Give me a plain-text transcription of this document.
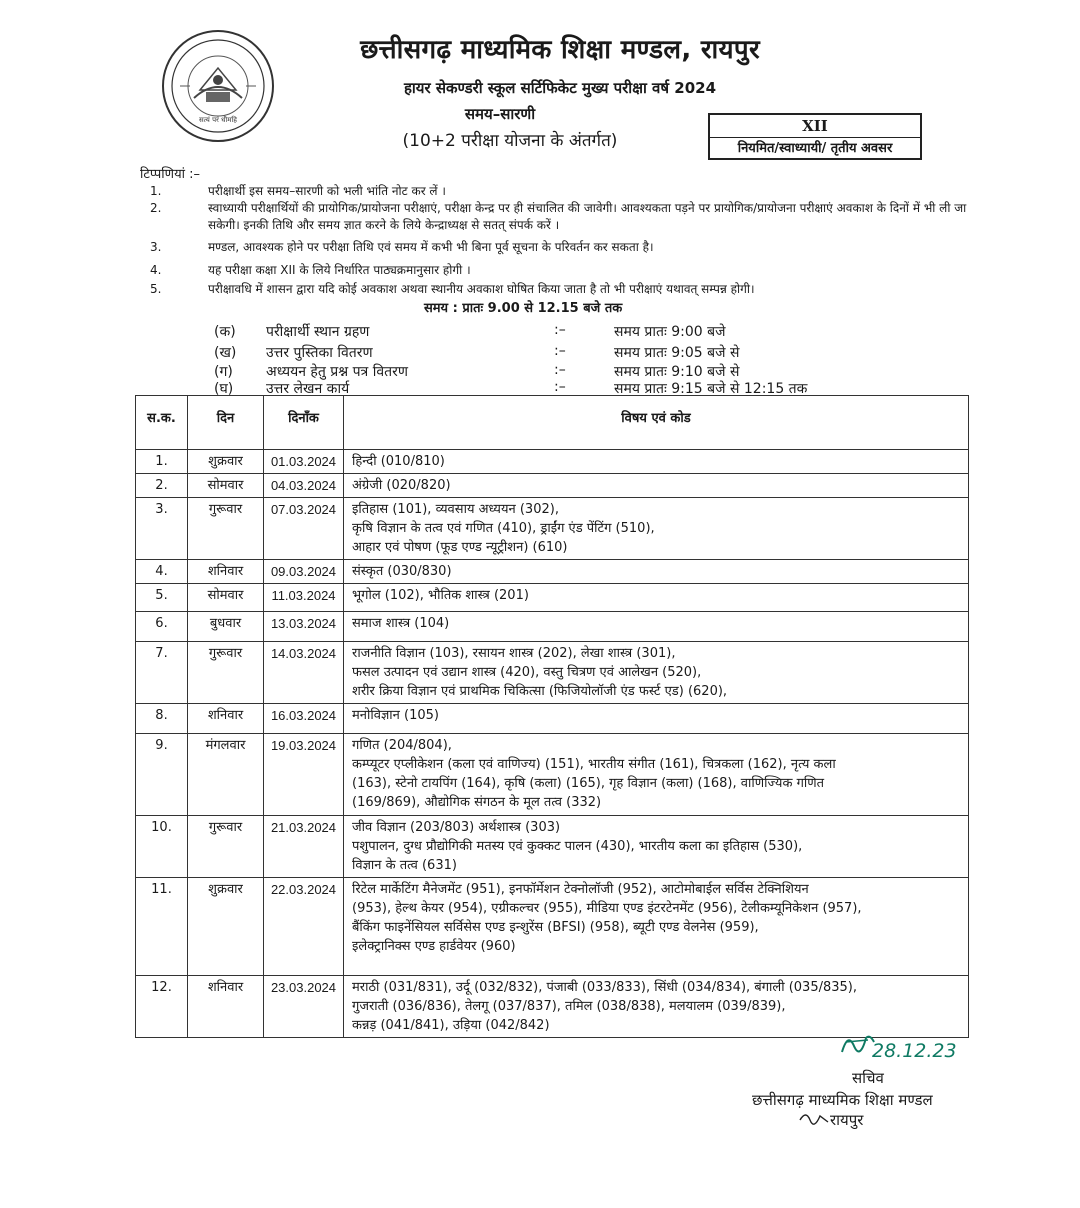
सत्यं परं धीमहि
छत्तीसगढ़ माध्यमिक शिक्षा मण्डल, रायपुर
हायर सेकण्डरी स्कूल सर्टिफिकेट मुख्य परीक्षा वर्ष 2024
समय–सारणी
(10+2 परीक्षा योजना के अंतर्गत)
XII
नियमित/स्वाध्यायी/ तृतीय अवसर
टिप्पणियां :–
1.	परीक्षार्थी इस समय–सारणी को भली भांति नोट कर लें ।
2.	स्वाध्यायी परीक्षार्थियों की प्रायोगिक/प्रायोजना परीक्षाएं, परीक्षा केन्द्र पर ही संचालित की जावेगी। आवश्यकता पड़ने पर प्रायोगिक/प्रायोजना परीक्षाएं अवकाश के दिनों में भी ली जा सकेगी। इनकी तिथि और समय ज्ञात करने के लिये केन्द्राध्यक्ष से सतत् संपर्क करें ।
3.	मण्डल, आवश्यक होने पर परीक्षा तिथि एवं समय में कभी भी बिना पूर्व सूचना के परिवर्तन कर सकता है।
4.	यह परीक्षा कक्षा XII के लिये निर्धारित पाठ्यक्रमानुसार होगी ।
5.	परीक्षावधि में शासन द्वारा यदि कोई अवकाश अथवा स्थानीय अवकाश घोषित किया जाता है तो भी परीक्षाएं यथावत् सम्पन्न होगी।
समय : प्रातः 9.00 से 12.15 बजे तक
(क) परीक्षार्थी स्थान ग्रहण	:–	समय प्रातः 9:00 बजे
(ख) उत्तर पुस्तिका वितरण	:–	समय प्रातः 9:05 बजे से
(ग) अध्ययन हेतु प्रश्न पत्र वितरण	:–	समय प्रातः 9:10 बजे से
(घ) उत्तर लेखन कार्य	:–	समय प्रातः 9:15 बजे से 12:15 तक
स.क.	दिन	दिनाँक	विषय एवं कोड
1.	शुक्रवार	01.03.2024	हिन्दी (010/810)

2.	सोमवार	04.03.2024	अंग्रेजी (020/820)

3.	गुरूवार	07.03.2024	इतिहास (101), व्यवसाय अध्ययन (302),
कृषि विज्ञान के तत्व एवं गणित (410), ड्राईंग एंड पेंटिंग (510),
आहार एवं पोषण (फूड एण्ड न्यूट्रीशन) (610)

4.	शनिवार	09.03.2024	संस्कृत (030/830)

5.	सोमवार	11.03.2024	भूगोल (102), भौतिक शास्त्र (201)

6.	बुधवार	13.03.2024	समाज शास्त्र (104)

7.	गुरूवार	14.03.2024	राजनीति विज्ञान (103), रसायन शास्त्र (202), लेखा शास्त्र (301),
फसल उत्पादन एवं उद्यान शास्त्र (420), वस्तु चित्रण एवं आलेखन (520),
शरीर क्रिया विज्ञान एवं प्राथमिक चिकित्सा (फिजियोलॉजी एंड फर्स्ट एड) (620),

8.	शनिवार	16.03.2024	मनोविज्ञान (105)

9.	मंगलवार	19.03.2024	गणित (204/804),
कम्प्यूटर एप्लीकेशन (कला एवं वाणिज्य) (151), भारतीय संगीत (161), चित्रकला (162), नृत्य कला
(163), स्टेनो टायपिंग (164), कृषि (कला) (165), गृह विज्ञान (कला) (168), वाणिज्यिक गणित
(169/869), औद्योगिक संगठन के मूल तत्व (332)

10.	गुरूवार	21.03.2024	जीव विज्ञान (203/803) अर्थशास्त्र (303)
पशुपालन, दुग्ध प्रौद्योगिकी मतस्य एवं कुक्कट पालन (430), भारतीय कला का इतिहास (530),
विज्ञान के तत्व (631)

11.	शुक्रवार	22.03.2024	रिटेल मार्केटिंग मैनेजमेंट (951), इनफॉर्मेशन टेक्नोलॉजी (952), आटोमोबाईल सर्विस टेक्निशियन
(953), हेल्थ केयर (954), एग्रीकल्चर (955), मीडिया एण्ड इंटरटेनमेंट (956), टेलीकम्यूनिकेशन (957),
बैंकिंग फाइनेंसियल सर्विसेस एण्ड इन्शुरेंस (BFSI) (958), ब्यूटी एण्ड वेलनेस (959),
इलेक्ट्रानिक्स एण्ड हार्डवेयर (960)

12.	शनिवार	23.03.2024	मराठी (031/831), उर्दू (032/832), पंजाबी (033/833), सिंधी (034/834), बंगाली (035/835),
गुजराती (036/836), तेलगू (037/837), तमिल (038/838), मलयालम (039/839),
कन्नड़ (041/841), उड़िया (042/842)
28.12.23
सचिव
छत्तीसगढ़ माध्यमिक शिक्षा मण्डल
रायपुर
